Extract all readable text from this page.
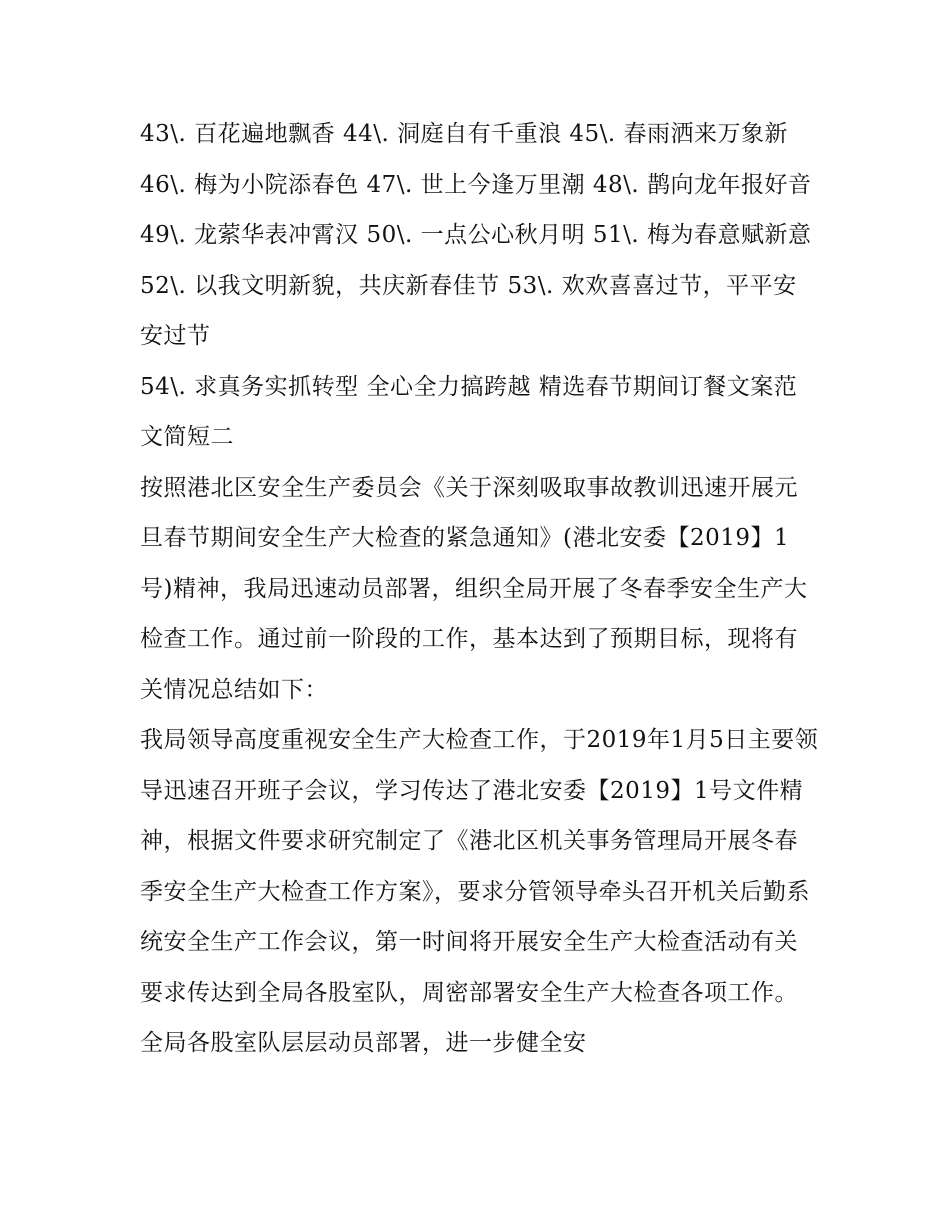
43\. 百花遍地飘香 44\. 洞庭自有千重浪 45\. 春雨洒来万象新

46\. 梅为小院添春色 47\. 世上今逢万里潮 48\. 鹊向龙年报好音

49\. 龙萦华表冲霄汉 50\. 一点公心秋月明 51\. 梅为春意赋新意 52\. 以我文明新貌，共庆新春佳节 53\. 欢欢喜喜过节，平平安安过节

54\. 求真务实抓转型 全心全力搞跨越 精选春节期间订餐文案范文简短二

按照港北区安全生产委员会《关于深刻吸取事故教训迅速开展元旦春节期间安全生产大检查的紧急通知》(港北安委【2019】1号)精神，我局迅速动员部署，组织全局开展了冬春季安全生产大检查工作。通过前一阶段的工作，基本达到了预期目标，现将有关情况总结如下：

我局领导高度重视安全生产大检查工作，于2019年1月5日主要领导迅速召开班子会议，学习传达了港北安委【2019】1号文件精神，根据文件要求研究制定了《港北区机关事务管理局开展冬春季安全生产大检查工作方案》，要求分管领导牵头召开机关后勤系统安全生产工作会议，第一时间将开展安全生产大检查活动有关要求传达到全局各股室队，周密部署安全生产大检查各项工作。全局各股室队层层动员部署，进一步健全安
